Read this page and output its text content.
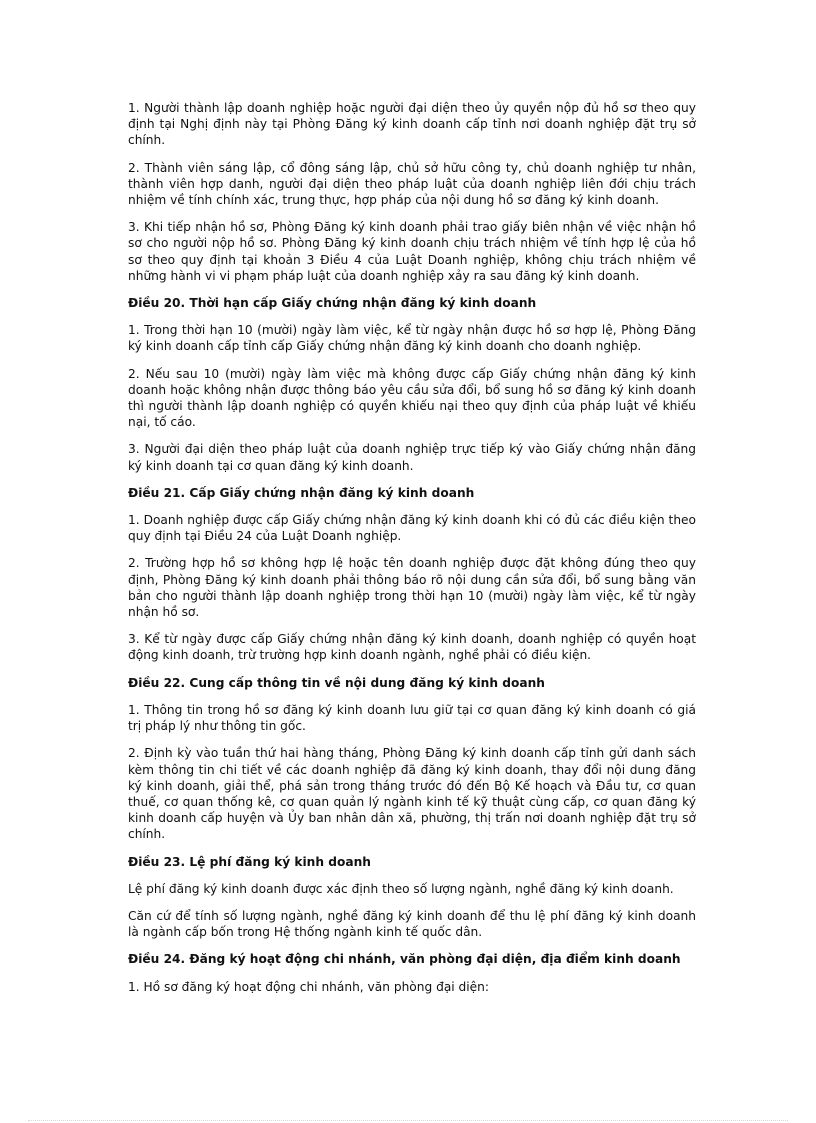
1. Người thành lập doanh nghiệp hoặc người đại diện theo ủy quyền nộp đủ hồ sơ theo quy định tại Nghị định này tại Phòng Đăng ký kinh doanh cấp tỉnh nơi doanh nghiệp đặt trụ sở chính.

2. Thành viên sáng lập, cổ đông sáng lập, chủ sở hữu công ty, chủ doanh nghiệp tư nhân, thành viên hợp danh, người đại diện theo pháp luật của doanh nghiệp liên đới chịu trách nhiệm về tính chính xác, trung thực, hợp pháp của nội dung hồ sơ đăng ký kinh doanh.

3. Khi tiếp nhận hồ sơ, Phòng Đăng ký kinh doanh phải trao giấy biên nhận về việc nhận hồ sơ cho người nộp hồ sơ. Phòng Đăng ký kinh doanh chịu trách nhiệm về tính hợp lệ của hồ sơ theo quy định tại khoản 3 Điều 4 của Luật Doanh nghiệp, không chịu trách nhiệm về những hành vi vi phạm pháp luật của doanh nghiệp xảy ra sau đăng ký kinh doanh.

Điều 20. Thời hạn cấp Giấy chứng nhận đăng ký kinh doanh

1. Trong thời hạn 10 (mười) ngày làm việc, kể từ ngày nhận được hồ sơ hợp lệ, Phòng Đăng ký kinh doanh cấp tỉnh cấp Giấy chứng nhận đăng ký kinh doanh cho doanh nghiệp.

2. Nếu sau 10 (mười) ngày làm việc mà không được cấp Giấy chứng nhận đăng ký kinh doanh hoặc không nhận được thông báo yêu cầu sửa đổi, bổ sung hồ sơ đăng ký kinh doanh thì người thành lập doanh nghiệp có quyền khiếu nại theo quy định của pháp luật về khiếu nại, tố cáo.

3. Người đại diện theo pháp luật của doanh nghiệp trực tiếp ký vào Giấy chứng nhận đăng ký kinh doanh tại cơ quan đăng ký kinh doanh.

Điều 21. Cấp Giấy chứng nhận đăng ký kinh doanh

1. Doanh nghiệp được cấp Giấy chứng nhận đăng ký kinh doanh khi có đủ các điều kiện theo quy định tại Điều 24 của Luật Doanh nghiệp.

2. Trường hợp hồ sơ không hợp lệ hoặc tên doanh nghiệp được đặt không đúng theo quy định, Phòng Đăng ký kinh doanh phải thông báo rõ nội dung cần sửa đổi, bổ sung bằng văn bản cho người thành lập doanh nghiệp trong thời hạn 10 (mười) ngày làm việc, kể từ ngày nhận hồ sơ.

3. Kể từ ngày được cấp Giấy chứng nhận đăng ký kinh doanh, doanh nghiệp có quyền hoạt động kinh doanh, trừ trường hợp kinh doanh ngành, nghề phải có điều kiện.

Điều 22. Cung cấp thông tin về nội dung đăng ký kinh doanh

1. Thông tin trong hồ sơ đăng ký kinh doanh lưu giữ tại cơ quan đăng ký kinh doanh có giá trị pháp lý như thông tin gốc.

2. Định kỳ vào tuần thứ hai hàng tháng, Phòng Đăng ký kinh doanh cấp tỉnh gửi danh sách kèm thông tin chi tiết về các doanh nghiệp đã đăng ký kinh doanh, thay đổi nội dung đăng ký kinh doanh, giải thể, phá sản trong tháng trước đó đến Bộ Kế hoạch và Đầu tư, cơ quan thuế, cơ quan thống kê, cơ quan quản lý ngành kinh tế kỹ thuật cùng cấp, cơ quan đăng ký kinh doanh cấp huyện và Ủy ban nhân dân xã, phường, thị trấn nơi doanh nghiệp đặt trụ sở chính.

Điều 23. Lệ phí đăng ký kinh doanh

Lệ phí đăng ký kinh doanh được xác định theo số lượng ngành, nghề đăng ký kinh doanh.

Căn cứ để tính số lượng ngành, nghề đăng ký kinh doanh để thu lệ phí đăng ký kinh doanh là ngành cấp bốn trong Hệ thống ngành kinh tế quốc dân.

Điều 24. Đăng ký hoạt động chi nhánh, văn phòng đại diện, địa điểm kinh doanh

1. Hồ sơ đăng ký hoạt động chi nhánh, văn phòng đại diện:
